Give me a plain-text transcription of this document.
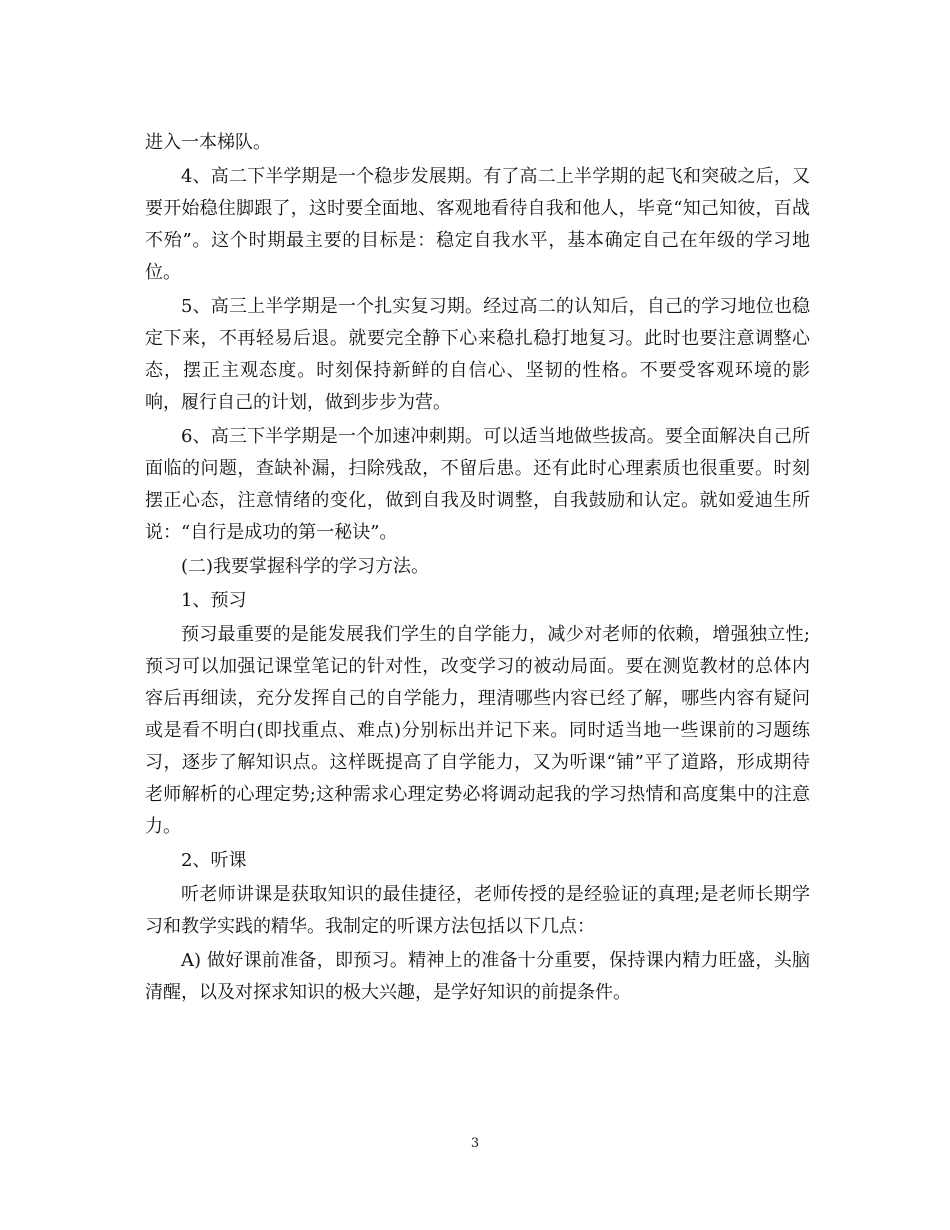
进入一本梯队。

4、高二下半学期是一个稳步发展期。有了高二上半学期的起飞和突破之后，又要开始稳住脚跟了，这时要全面地、客观地看待自我和他人，毕竟“知己知彼，百战不殆”。这个时期最主要的目标是：稳定自我水平，基本确定自己在年级的学习地位。

5、高三上半学期是一个扎实复习期。经过高二的认知后，自己的学习地位也稳定下来，不再轻易后退。就要完全静下心来稳扎稳打地复习。此时也要注意调整心态，摆正主观态度。时刻保持新鲜的自信心、坚韧的性格。不要受客观环境的影响，履行自己的计划，做到步步为营。

6、高三下半学期是一个加速冲刺期。可以适当地做些拔高。要全面解决自己所面临的问题，查缺补漏，扫除残敌，不留后患。还有此时心理素质也很重要。时刻摆正心态，注意情绪的变化，做到自我及时调整，自我鼓励和认定。就如爱迪生所说：“自行是成功的第一秘诀”。

(二)我要掌握科学的学习方法。

1、预习

预习最重要的是能发展我们学生的自学能力，减少对老师的依赖，增强独立性;预习可以加强记课堂笔记的针对性，改变学习的被动局面。要在测览教材的总体内容后再细读，充分发挥自己的自学能力，理清哪些内容已经了解，哪些内容有疑问或是看不明白(即找重点、难点)分别标出并记下来。同时适当地一些课前的习题练习，逐步了解知识点。这样既提高了自学能力，又为听课“铺”平了道路，形成期待老师解析的心理定势;这种需求心理定势必将调动起我的学习热情和高度集中的注意力。

2、听课

听老师讲课是获取知识的最佳捷径，老师传授的是经验证的真理;是老师长期学习和教学实践的精华。我制定的听课方法包括以下几点：

A) 做好课前准备，即预习。精神上的准备十分重要，保持课内精力旺盛，头脑清醒，以及对探求知识的极大兴趣，是学好知识的前提条件。

3
